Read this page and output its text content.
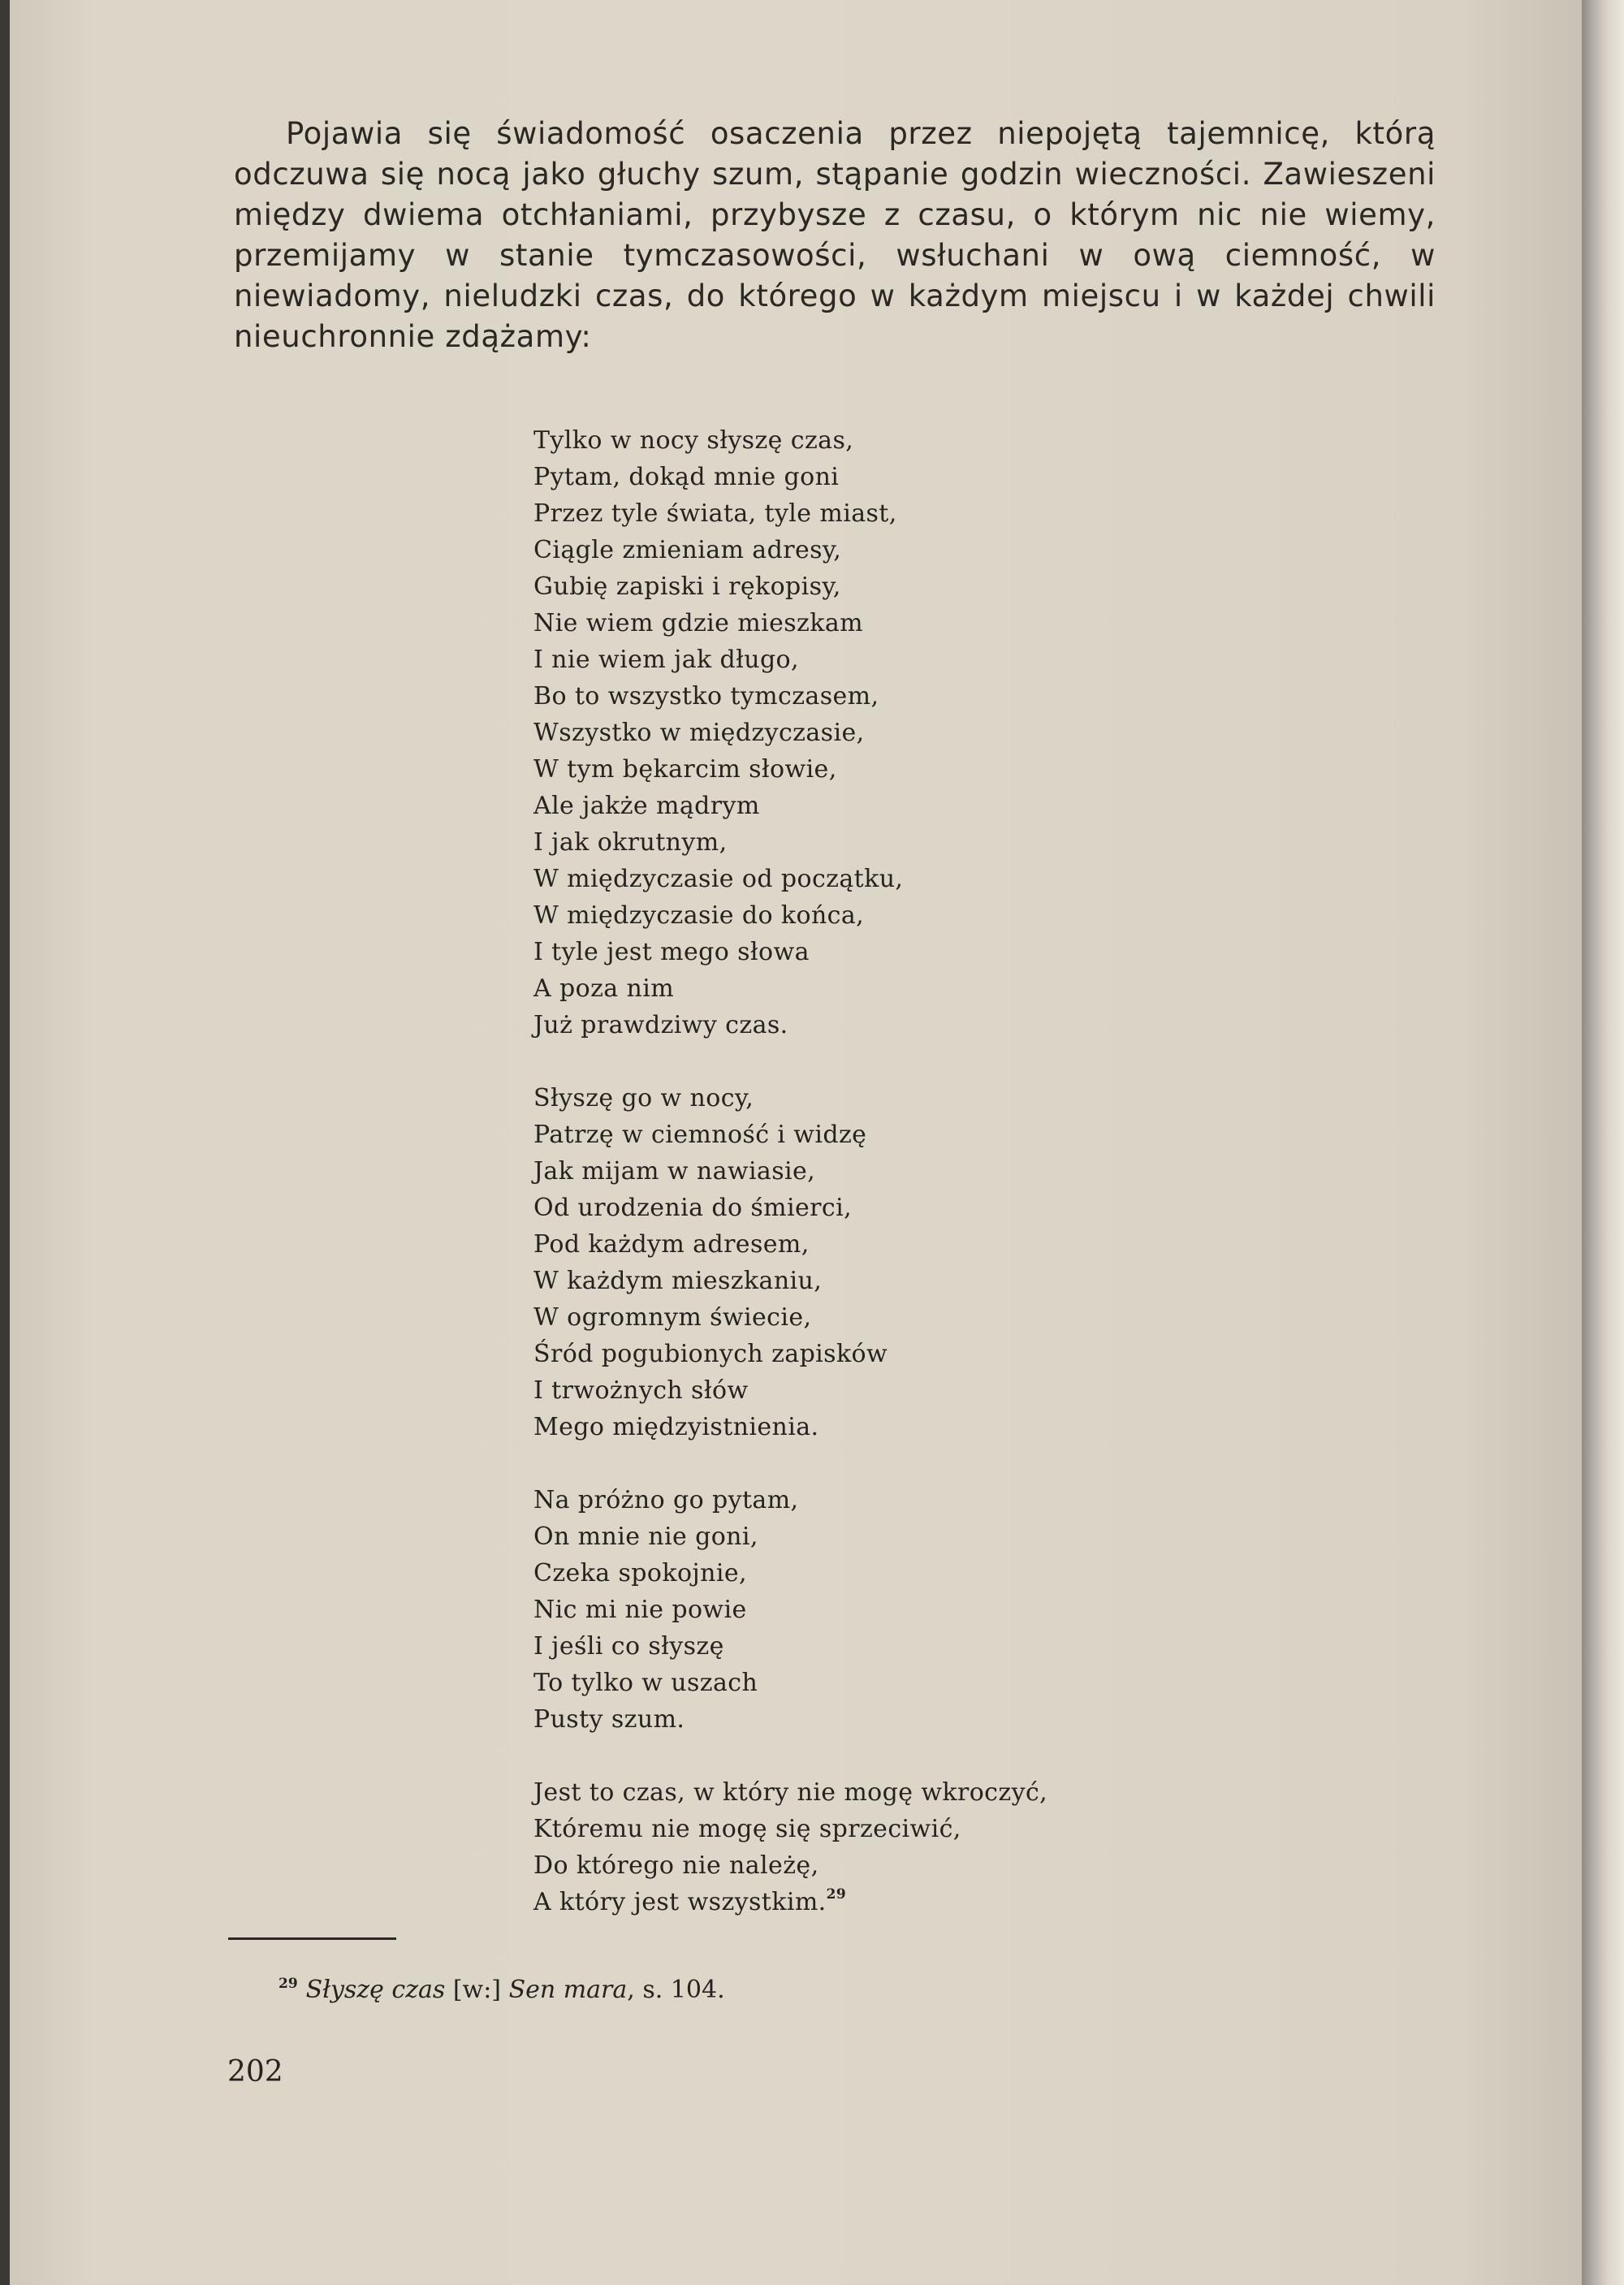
Pojawia się świadomość osaczenia przez niepojętą tajemnicę, którą odczuwa się nocą jako głuchy szum, stąpanie godzin wieczności. Zawieszeni między dwiema otchłaniami, przybysze z czasu, o którym nic nie wiemy, przemijamy w stanie tymczasowości, wsłuchani w ową ciemność, w niewiadomy, nieludzki czas, do którego w każdym miejscu i w każdej chwili nieuchronnie zdążamy:

Tylko w nocy słyszę czas,
Pytam, dokąd mnie goni
Przez tyle świata, tyle miast,
Ciągle zmieniam adresy,
Gubię zapiski i rękopisy,
Nie wiem gdzie mieszkam
I nie wiem jak długo,
Bo to wszystko tymczasem,
Wszystko w międzyczasie,
W tym bękarcim słowie,
Ale jakże mądrym
I jak okrutnym,
W międzyczasie od początku,
W międzyczasie do końca,
I tyle jest mego słowa
A poza nim
Już prawdziwy czas.
Słyszę go w nocy,
Patrzę w ciemność i widzę
Jak mijam w nawiasie,
Od urodzenia do śmierci,
Pod każdym adresem,
W każdym mieszkaniu,
W ogromnym świecie,
Śród pogubionych zapisków
I trwożnych słów
Mego międzyistnienia.
Na próżno go pytam,
On mnie nie goni,
Czeka spokojnie,
Nic mi nie powie
I jeśli co słyszę
To tylko w uszach
Pusty szum.
Jest to czas, w który nie mogę wkroczyć,
Któremu nie mogę się sprzeciwić,
Do którego nie należę,
A który jest wszystkim.$^{29}$
$^{29}$ Słyszę czas [w:] Sen mara, s. 104.
202
